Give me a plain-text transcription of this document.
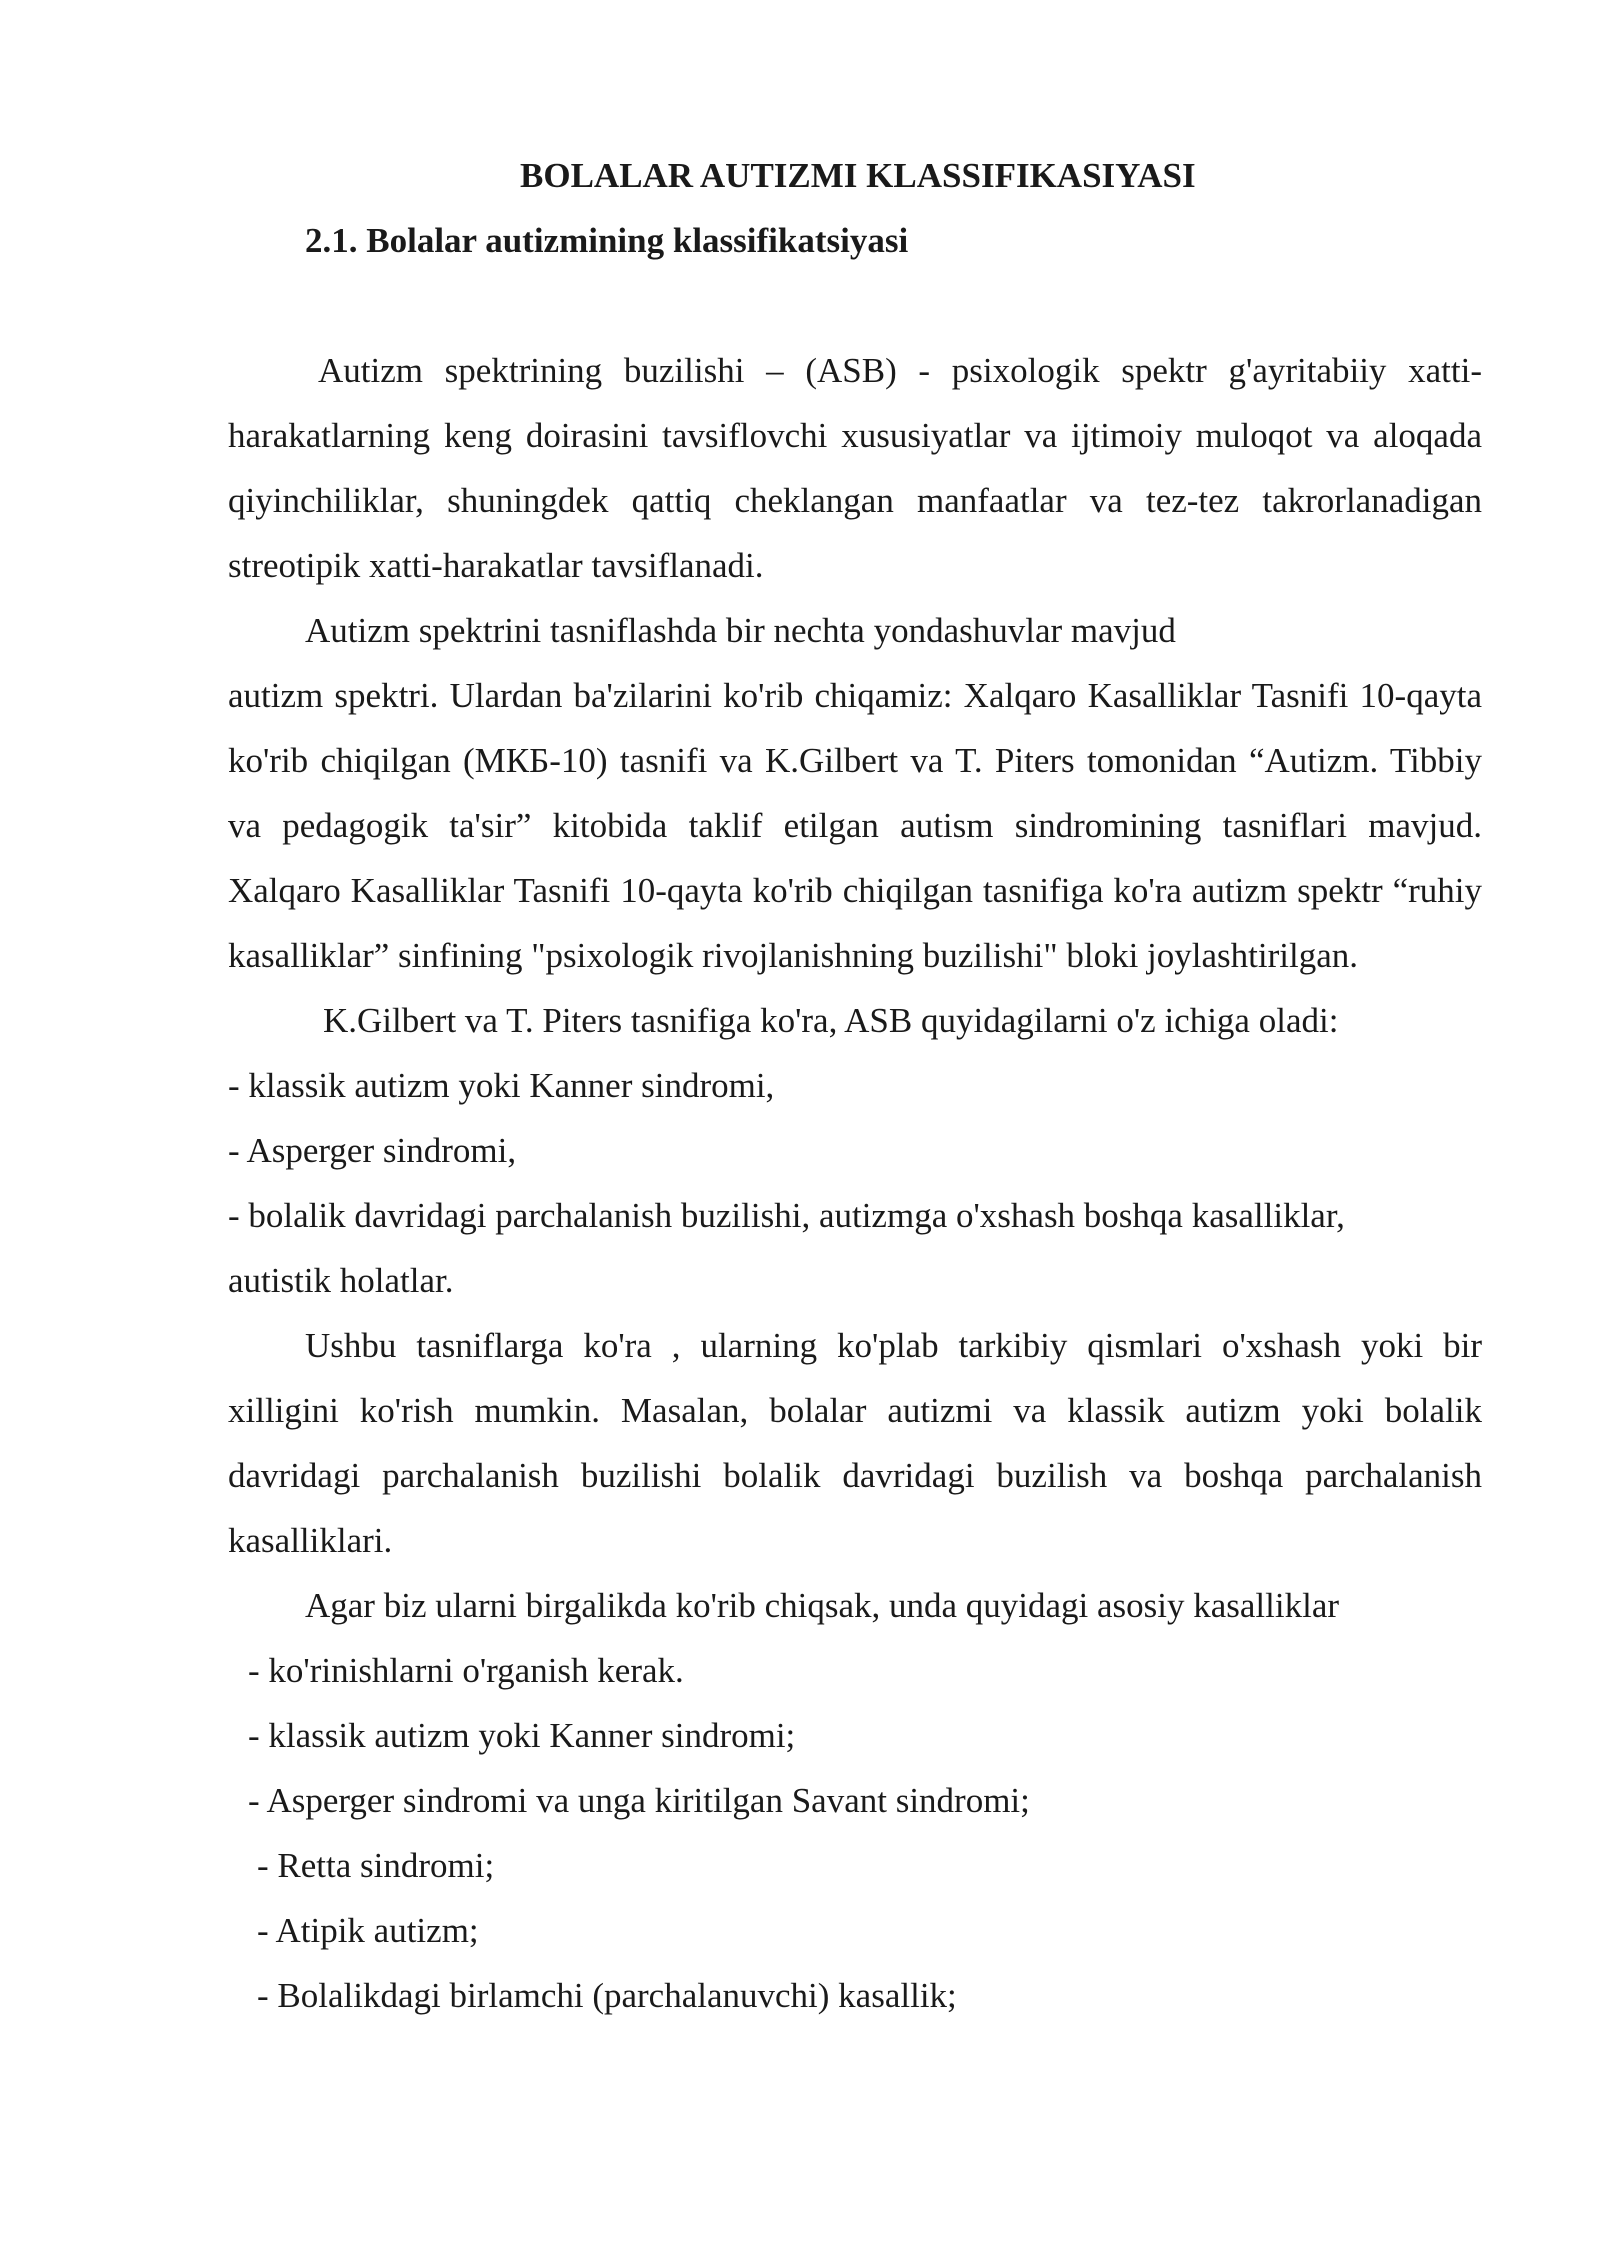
BOLALAR AUTIZMI KLASSIFIKASIYASI

2.1. Bolalar autizmining klassifikatsiyasi

Autizm spektrining buzilishi – (ASB) - psixologik spektr g'ayritabiiy xatti-harakatlarning keng doirasini tavsiflovchi xususiyatlar va ijtimoiy muloqot va aloqada qiyinchiliklar, shuningdek qattiq cheklangan manfaatlar va tez-tez takrorlanadigan streotipik xatti-harakatlar tavsiflanadi.

Autizm spektrini tasniflashda bir nechta yondashuvlar mavjud

autizm spektri. Ulardan ba'zilarini ko'rib chiqamiz: Xalqaro Kasalliklar Tasnifi 10-qayta ko'rib chiqilgan (МКБ-10) tasnifi va K.Gilbert va T. Piters tomonidan “Autizm. Tibbiy va pedagogik ta'sir” kitobida taklif etilgan autism sindromining tasniflari mavjud. Xalqaro Kasalliklar Tasnifi 10-qayta ko'rib chiqilgan tasnifiga ko'ra autizm spektr “ruhiy kasalliklar” sinfining "psixologik rivojlanishning buzilishi" bloki joylashtirilgan.

K.Gilbert va T. Piters tasnifiga ko'ra, ASB quyidagilarni o'z ichiga oladi:

- klassik autizm yoki Kanner sindromi,

- Asperger sindromi,

- bolalik davridagi parchalanish buzilishi, autizmga o'xshash boshqa kasalliklar,

autistik holatlar.

Ushbu tasniflarga ko'ra , ularning ko'plab tarkibiy qismlari o'xshash yoki bir xilligini ko'rish mumkin. Masalan, bolalar autizmi va klassik autizm yoki bolalik davridagi parchalanish buzilishi bolalik davridagi buzilish va boshqa parchalanish kasalliklari.

Agar biz ularni birgalikda ko'rib chiqsak, unda quyidagi asosiy kasalliklar

- ko'rinishlarni o'rganish kerak.

- klassik autizm yoki Kanner sindromi;

- Asperger sindromi va unga kiritilgan Savant sindromi;

- Retta sindromi;

- Atipik autizm;

- Bolalikdagi birlamchi (parchalanuvchi) kasallik;
